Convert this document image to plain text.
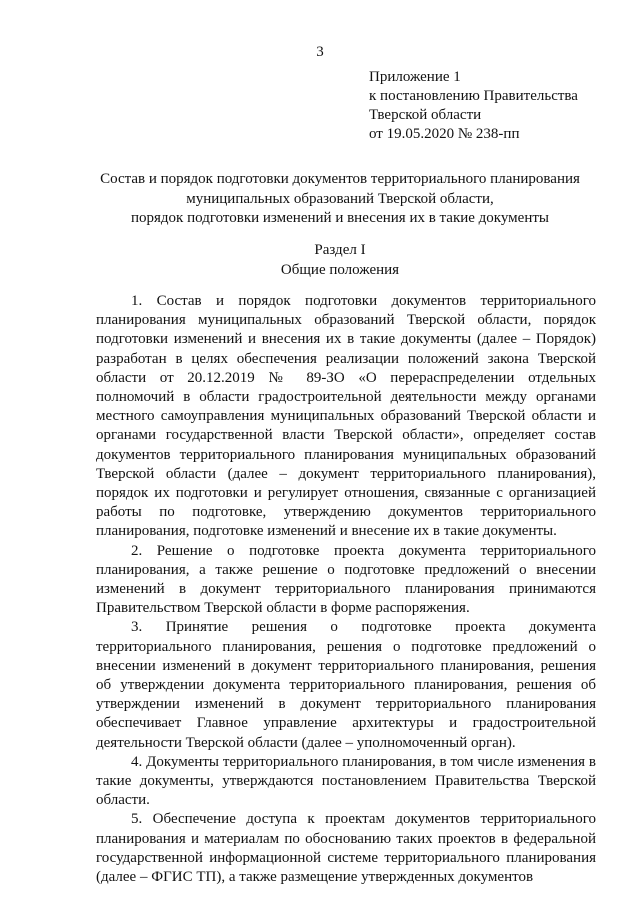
3
Приложение 1
к постановлению Правительства
Тверской области
от 19.05.2020 № 238-пп
Состав и порядок подготовки документов территориального планирования
муниципальных образований Тверской области,
порядок подготовки изменений и внесения их в такие документы
Раздел I
Общие положения

1. Состав и порядок подготовки документов территориального планирования муниципальных образований Тверской области, порядок подготовки изменений и внесения их в такие документы (далее – Порядок) разработан в целях обеспечения реализации положений закона Тверской области от 20.12.2019 № 89-ЗО «О перераспределении отдельных полномочий в области градостроительной деятельности между органами местного самоуправления муниципальных образований Тверской области и органами государственной власти Тверской области», определяет состав документов территориального планирования муниципальных образований Тверской области (далее – документ территориального планирования), порядок их подготовки и регулирует отношения, связанные с организацией работы по подготовке, утверждению документов территориального планирования, подготовке изменений и внесение их в такие документы.

2. Решение о подготовке проекта документа территориального планирования, а также решение о подготовке предложений о внесении изменений в документ территориального планирования принимаются Правительством Тверской области в форме распоряжения.

3. Принятие решения о подготовке проекта документа территориального планирования, решения о подготовке предложений о внесении изменений в документ территориального планирования, решения об утверждении документа территориального планирования, решения об утверждении изменений в документ территориального планирования обеспечивает Главное управление архитектуры и градостроительной деятельности Тверской области (далее – уполномоченный орган).

4. Документы территориального планирования, в том числе изменения в такие документы, утверждаются постановлением Правительства Тверской области.

5. Обеспечение доступа к проектам документов территориального планирования и материалам по обоснованию таких проектов в федеральной государственной информационной системе территориального планирования (далее – ФГИС ТП), а также размещение утвержденных документов
